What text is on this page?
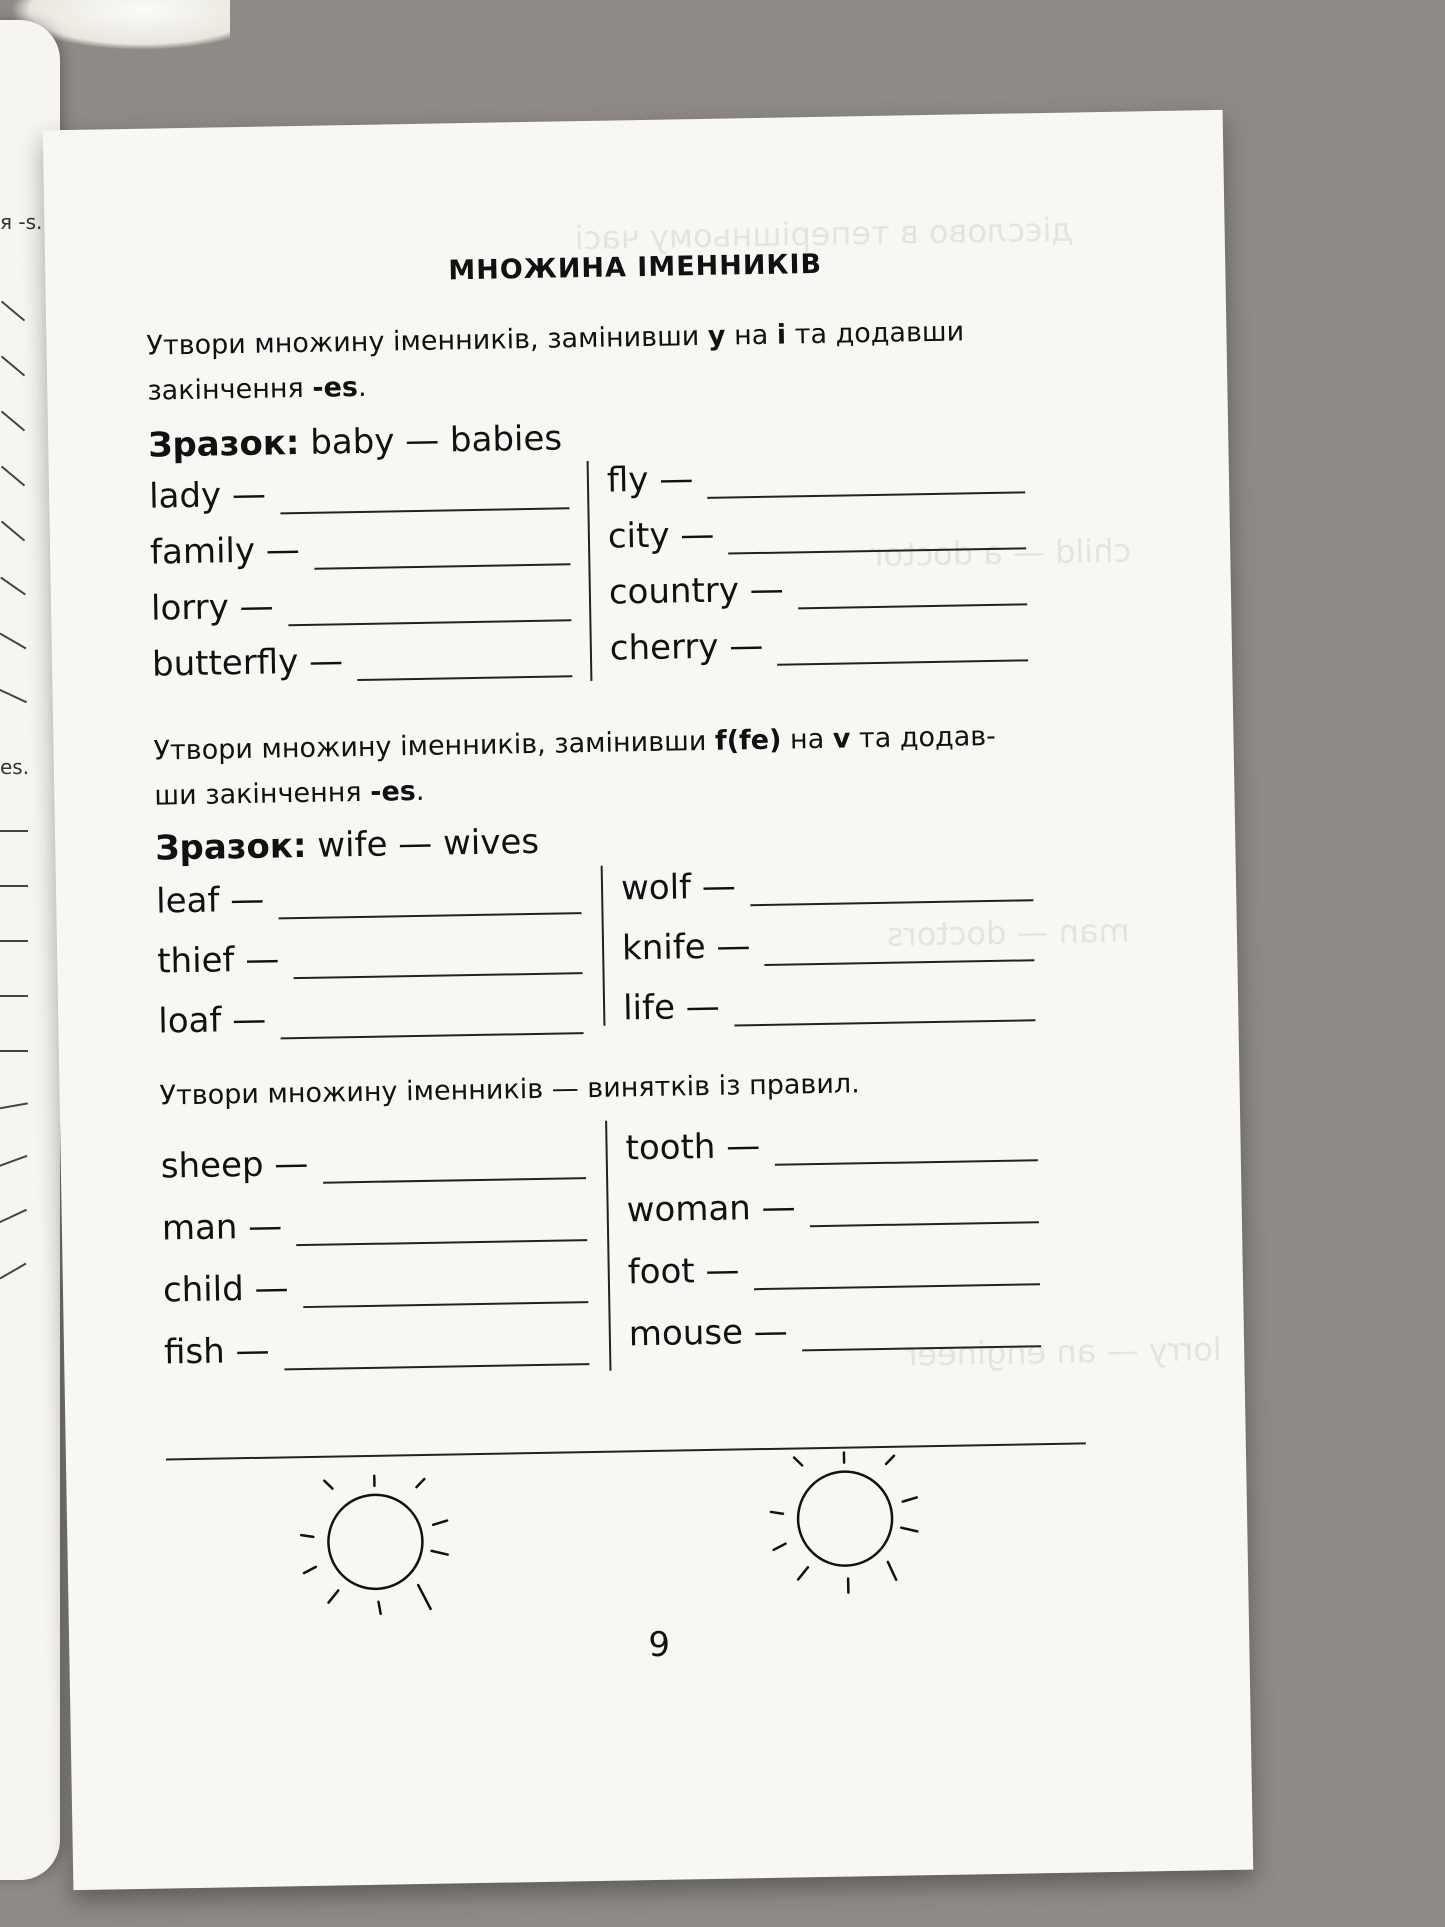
я -s.
es.
дієслово в теперішньому часі
child — a doctor
man — doctors
lorry — an engineer
МНОЖИНА ІМЕННИКІВ
Утвори множину іменників, замінивши y на i та додавши закінчення -es.
Зразок: baby — babies
lady —
family —
lorry —
butterfly —
fly —
city —
country —
cherry —
Утвори множину іменників, замінивши f(fe) на v та додав-ши закінчення -es.
Зразок: wife — wives
leaf —
thief —
loaf —
wolf —
knife —
life —
Утвори множину іменників — винятків із правил.
sheep —
man —
child —
fish —
tooth —
woman —
foot —
mouse —
9
